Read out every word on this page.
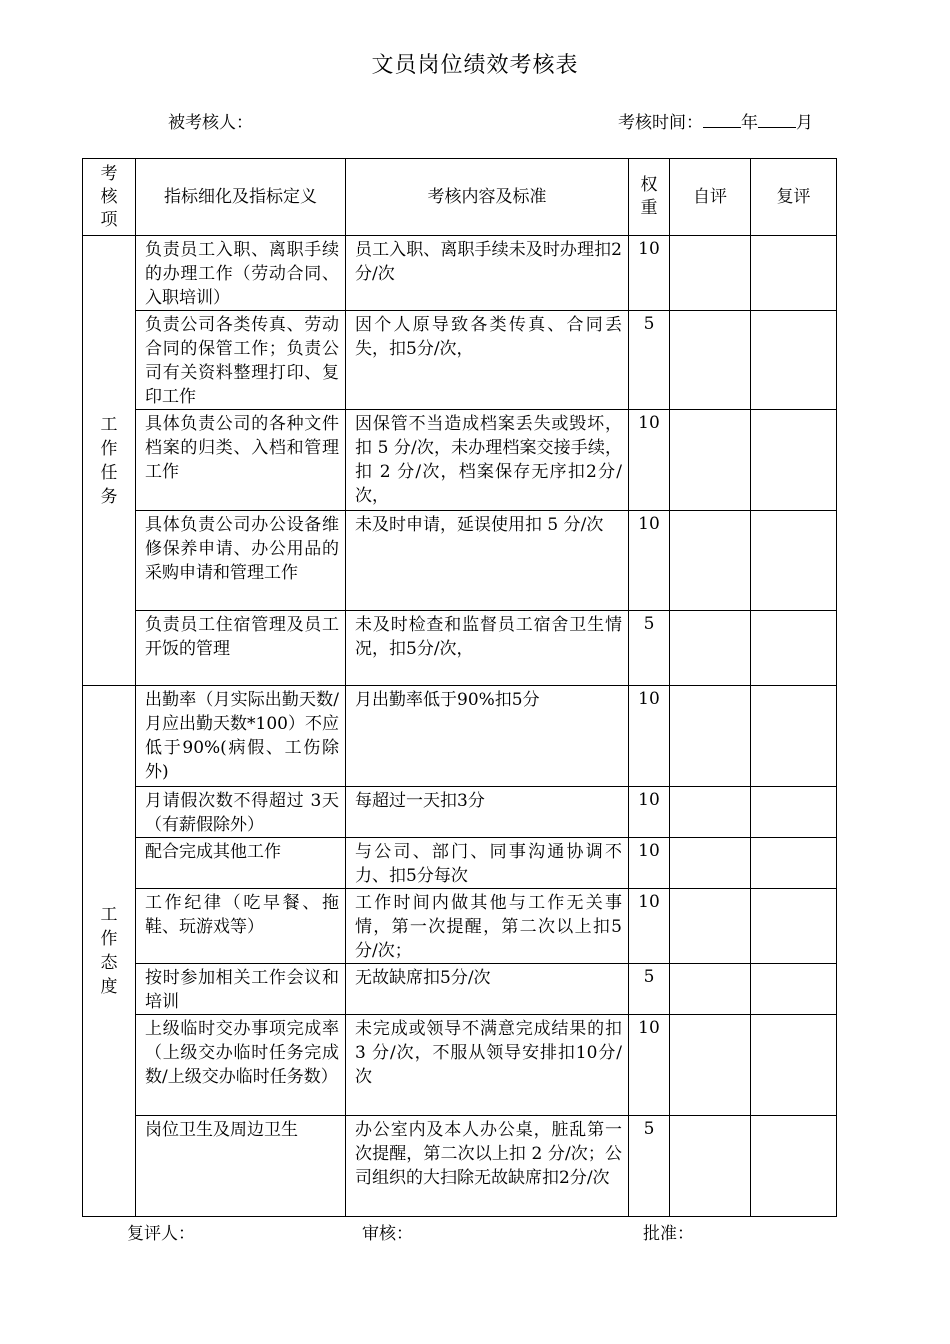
文员岗位绩效考核表
被考核人：	考核时间： 年 月
考核项	指标细化及指标定义	考核内容及标准	权重	自评	复评

工作任务	负责员工入职、离职手续的办理工作（劳动合同、入职培训）	员工入职、离职手续未及时办理扣2分/次	10		
	负责公司各类传真、劳动合同的保管工作；负责公司有关资料整理打印、复印工作	因个人原导致各类传真、合同丢失，扣5分/次，	5		
	具体负责公司的各种文件档案的归类、入档和管理工作	因保管不当造成档案丢失或毁坏，扣 5 分/次，未办理档案交接手续，扣 2 分/次，档案保存无序扣2分/次，	10		
	具体负责公司办公设备维修保养申请、办公用品的采购申请和管理工作	未及时申请，延误使用扣 5 分/次	10		
	负责员工住宿管理及员工开饭的管理	未及时检查和监督员工宿舍卫生情况，扣5分/次，	5		

工作态度	出勤率（月实际出勤天数/月应出勤天数*100）不应低于90%(病假、工伤除外)	月出勤率低于90%扣5分	10		
	月请假次数不得超过 3天（有薪假除外）	每超过一天扣3分	10		
	配合完成其他工作	与公司、部门、同事沟通协调不力、扣5分每次	10		
	工作纪律（吃早餐、拖鞋、玩游戏等）	工作时间内做其他与工作无关事情，第一次提醒，第二次以上扣5分/次；	10		
	按时参加相关工作会议和培训	无故缺席扣5分/次	5		
	上级临时交办事项完成率（上级交办临时任务完成数/上级交办临时任务数）	未完成或领导不满意完成结果的扣 3 分/次，不服从领导安排扣10分/次	10		
	岗位卫生及周边卫生	办公室内及本人办公桌，脏乱第一次提醒，第二次以上扣 2 分/次；公司组织的大扫除无故缺席扣2分/次	5		
复评人：	审核：	批准：
